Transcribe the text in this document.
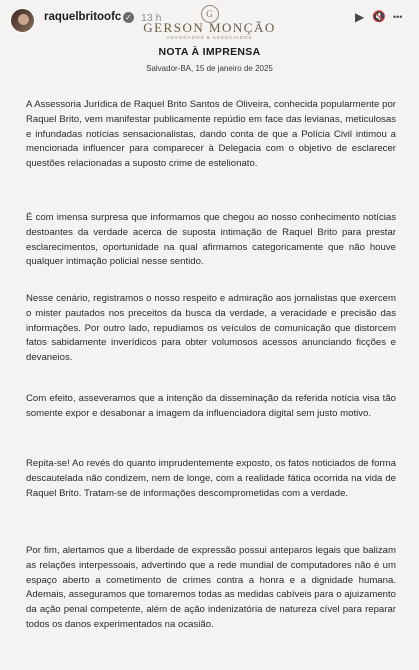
raquelbritoofc ✓ 13 h	▶ 🔇 •••
G
GERSON MONÇÃO
ADVOGADOS & ASSOCIADOS
NOTA À IMPRENSA
Salvador-BA, 15 de janeiro de 2025

A Assessoria Jurídica de Raquel Brito Santos de Oliveira, conhecida popularmente por Raquel Brito, vem manifestar publicamente repúdio em face das levianas, meticulosas e infundadas notícias sensacionalistas, dando conta de que a Polícia Civil intimou a mencionada influencer para comparecer à Delegacia com o objetivo de esclarecer questões relacionadas a suposto crime de estelionato.

É com imensa surpresa que informamos que chegou ao nosso conhecimento notícias destoantes da verdade acerca de suposta intimação de Raquel Brito para prestar esclarecimentos, oportunidade na qual afirmamos categoricamente que não houve qualquer intimação policial nesse sentido.

Nesse cenário, registramos o nosso respeito e admiração aos jornalistas que exercem o mister pautados nos preceitos da busca da verdade, a veracidade e precisão das informações. Por outro lado, repudiamos os veículos de comunicação que distorcem fatos sabidamente inverídicos para obter volumosos acessos anunciando ficções e devaneios.

Com efeito, asseveramos que a intenção da disseminação da referida notícia visa tão somente expor e desabonar a imagem da influenciadora digital sem justo motivo.

Repita-se! Ao revés do quanto imprudentemente exposto, os fatos noticiados de forma descautelada não condizem, nem de longe, com a realidade fática ocorrida na vida de Raquel Brito. Tratam-se de informações descomprometidas com a verdade.

Por fim, alertamos que a liberdade de expressão possui anteparos legais que balizam as relações interpessoais, advertindo que a rede mundial de computadores não é um espaço aberto a cometimento de crimes contra a honra e a dignidade humana. Ademais, asseguramos que tomaremos todas as medidas cabíveis para o ajuizamento da ação penal competente, além de ação indenizatória de natureza cível para reparar todos os danos experimentados na ocasião.
